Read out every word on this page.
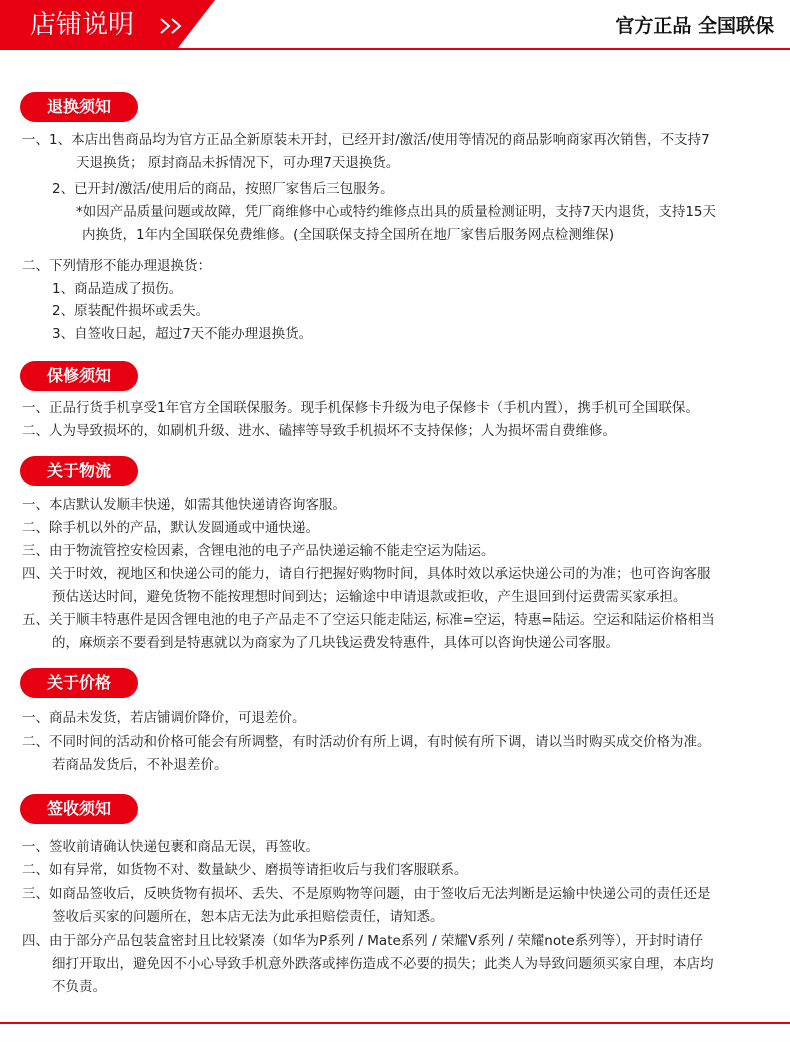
店铺说明	官方正品 全国联保
退换须知
一、1、本店出售商品均为官方正品全新原装未开封，已经开封/激活/使用等情况的商品影响商家再次销售，不支持7
天退换货； 原封商品未拆情况下，可办理7天退换货。
2、已开封/激活/使用后的商品，按照厂家售后三包服务。
*如因产品质量问题或故障，凭厂商维修中心或特约维修点出具的质量检测证明，支持7天内退货，支持15天
内换货，1年内全国联保免费维修。(全国联保支持全国所在地厂家售后服务网点检测维保)
二、下列情形不能办理退换货：
1、商品造成了损伤。
2、原装配件损坏或丢失。
3、自签收日起，超过7天不能办理退换货。
保修须知
一、正品行货手机享受1年官方全国联保服务。现手机保修卡升级为电子保修卡（手机内置），携手机可全国联保。
二、人为导致损坏的，如刷机升级、进水、磕摔等导致手机损坏不支持保修；人为损坏需自费维修。
关于物流
一、本店默认发顺丰快递，如需其他快递请咨询客服。
二、除手机以外的产品，默认发圆通或中通快递。
三、由于物流管控安检因素，含锂电池的电子产品快递运输不能走空运为陆运。
四、关于时效，视地区和快递公司的能力，请自行把握好购物时间，具体时效以承运快递公司的为准；也可咨询客服
预估送达时间，避免货物不能按理想时间到达；运输途中申请退款或拒收，产生退回到付运费需买家承担。
五、关于顺丰特惠件是因含锂电池的电子产品走不了空运只能走陆运, 标准=空运，特惠=陆运。空运和陆运价格相当
的，麻烦亲不要看到是特惠就以为商家为了几块钱运费发特惠件，具体可以咨询快递公司客服。
关于价格
一、商品未发货，若店铺调价降价，可退差价。
二、不同时间的活动和价格可能会有所调整，有时活动价有所上调，有时候有所下调，请以当时购买成交价格为准。
若商品发货后，不补退差价。
签收须知
一、签收前请确认快递包裹和商品无误，再签收。
二、如有异常，如货物不对、数量缺少、磨损等请拒收后与我们客服联系。
三、如商品签收后，反映货物有损坏、丢失、不是原购物等问题，由于签收后无法判断是运输中快递公司的责任还是
签收后买家的问题所在，恕本店无法为此承担赔偿责任，请知悉。
四、由于部分产品包装盒密封且比较紧凑（如华为P系列 / Mate系列 / 荣耀V系列 / 荣耀note系列等），开封时请仔
细打开取出，避免因不小心导致手机意外跌落或摔伤造成不必要的损失；此类人为导致问题须买家自理，本店均
不负责。
